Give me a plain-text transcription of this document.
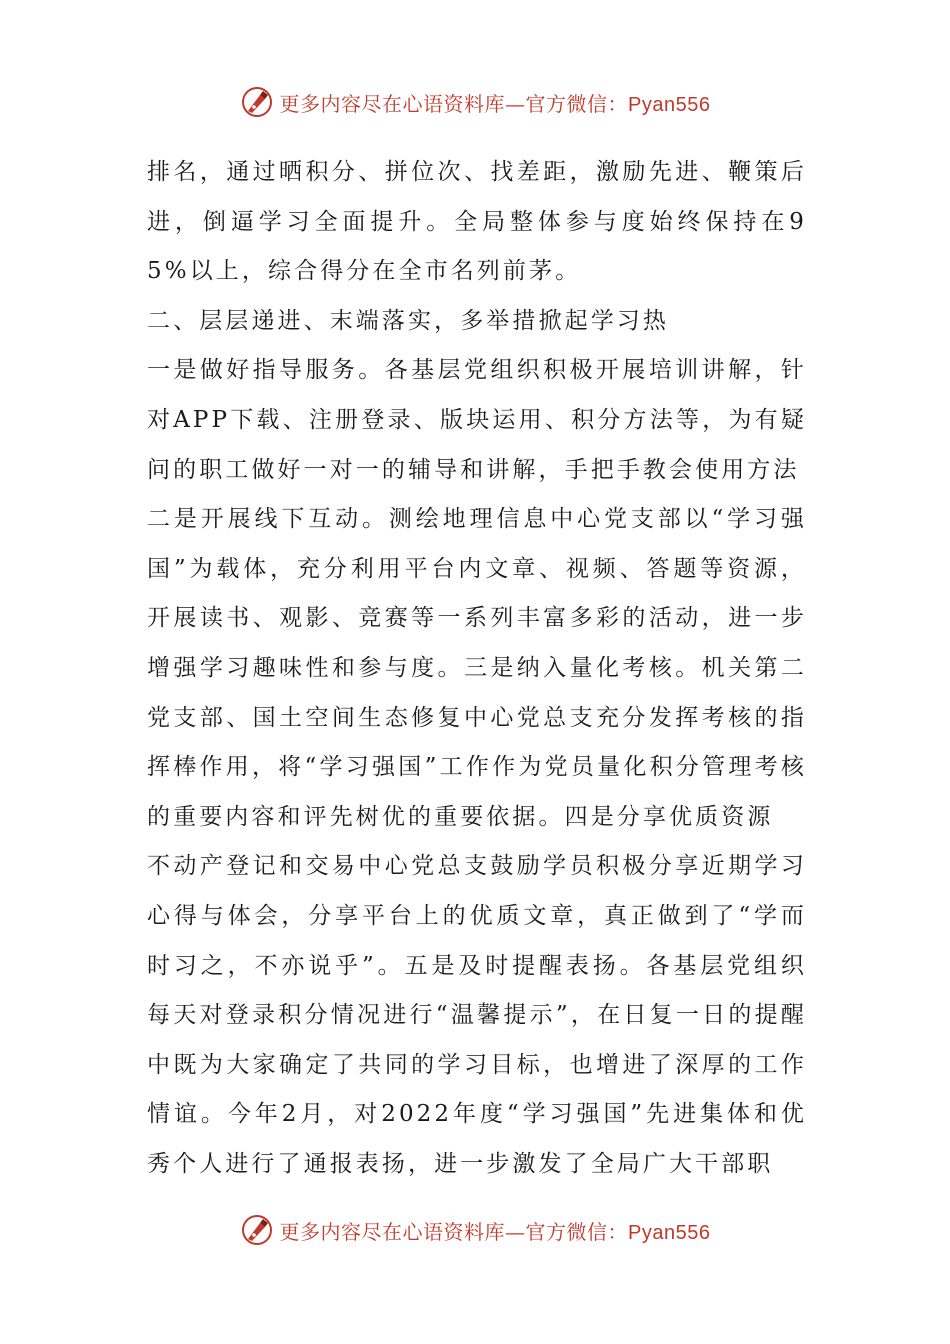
更多内容尽在心语资料库—官方微信：Pyan556

排名，通过晒积分、拼位次、找差距，激励先进、鞭策后进，倒逼学习全面提升。全局整体参与度始终保持在95%以上，综合得分在全市名列前茅。

二、层层递进、末端落实，多举措掀起学习热

一是做好指导服务。各基层党组织积极开展培训讲解，针对APP下载、注册登录、版块运用、积分方法等，为有疑问的职工做好一对一的辅导和讲解，手把手教会使用方法

二是开展线下互动。测绘地理信息中心党支部以“学习强国”为载体，充分利用平台内文章、视频、答题等资源，开展读书、观影、竞赛等一系列丰富多彩的活动，进一步增强学习趣味性和参与度。三是纳入量化考核。机关第二党支部、国土空间生态修复中心党总支充分发挥考核的指挥棒作用，将“学习强国”工作作为党员量化积分管理考核的重要内容和评先树优的重要依据。四是分享优质资源

不动产登记和交易中心党总支鼓励学员积极分享近期学习心得与体会，分享平台上的优质文章，真正做到了“学而时习之，不亦说乎”。五是及时提醒表扬。各基层党组织每天对登录积分情况进行“温馨提示”，在日复一日的提醒中既为大家确定了共同的学习目标，也增进了深厚的工作情谊。今年2月，对2022年度“学习强国”先进集体和优秀个人进行了通报表扬，进一步激发了全局广大干部职

更多内容尽在心语资料库—官方微信：Pyan556
